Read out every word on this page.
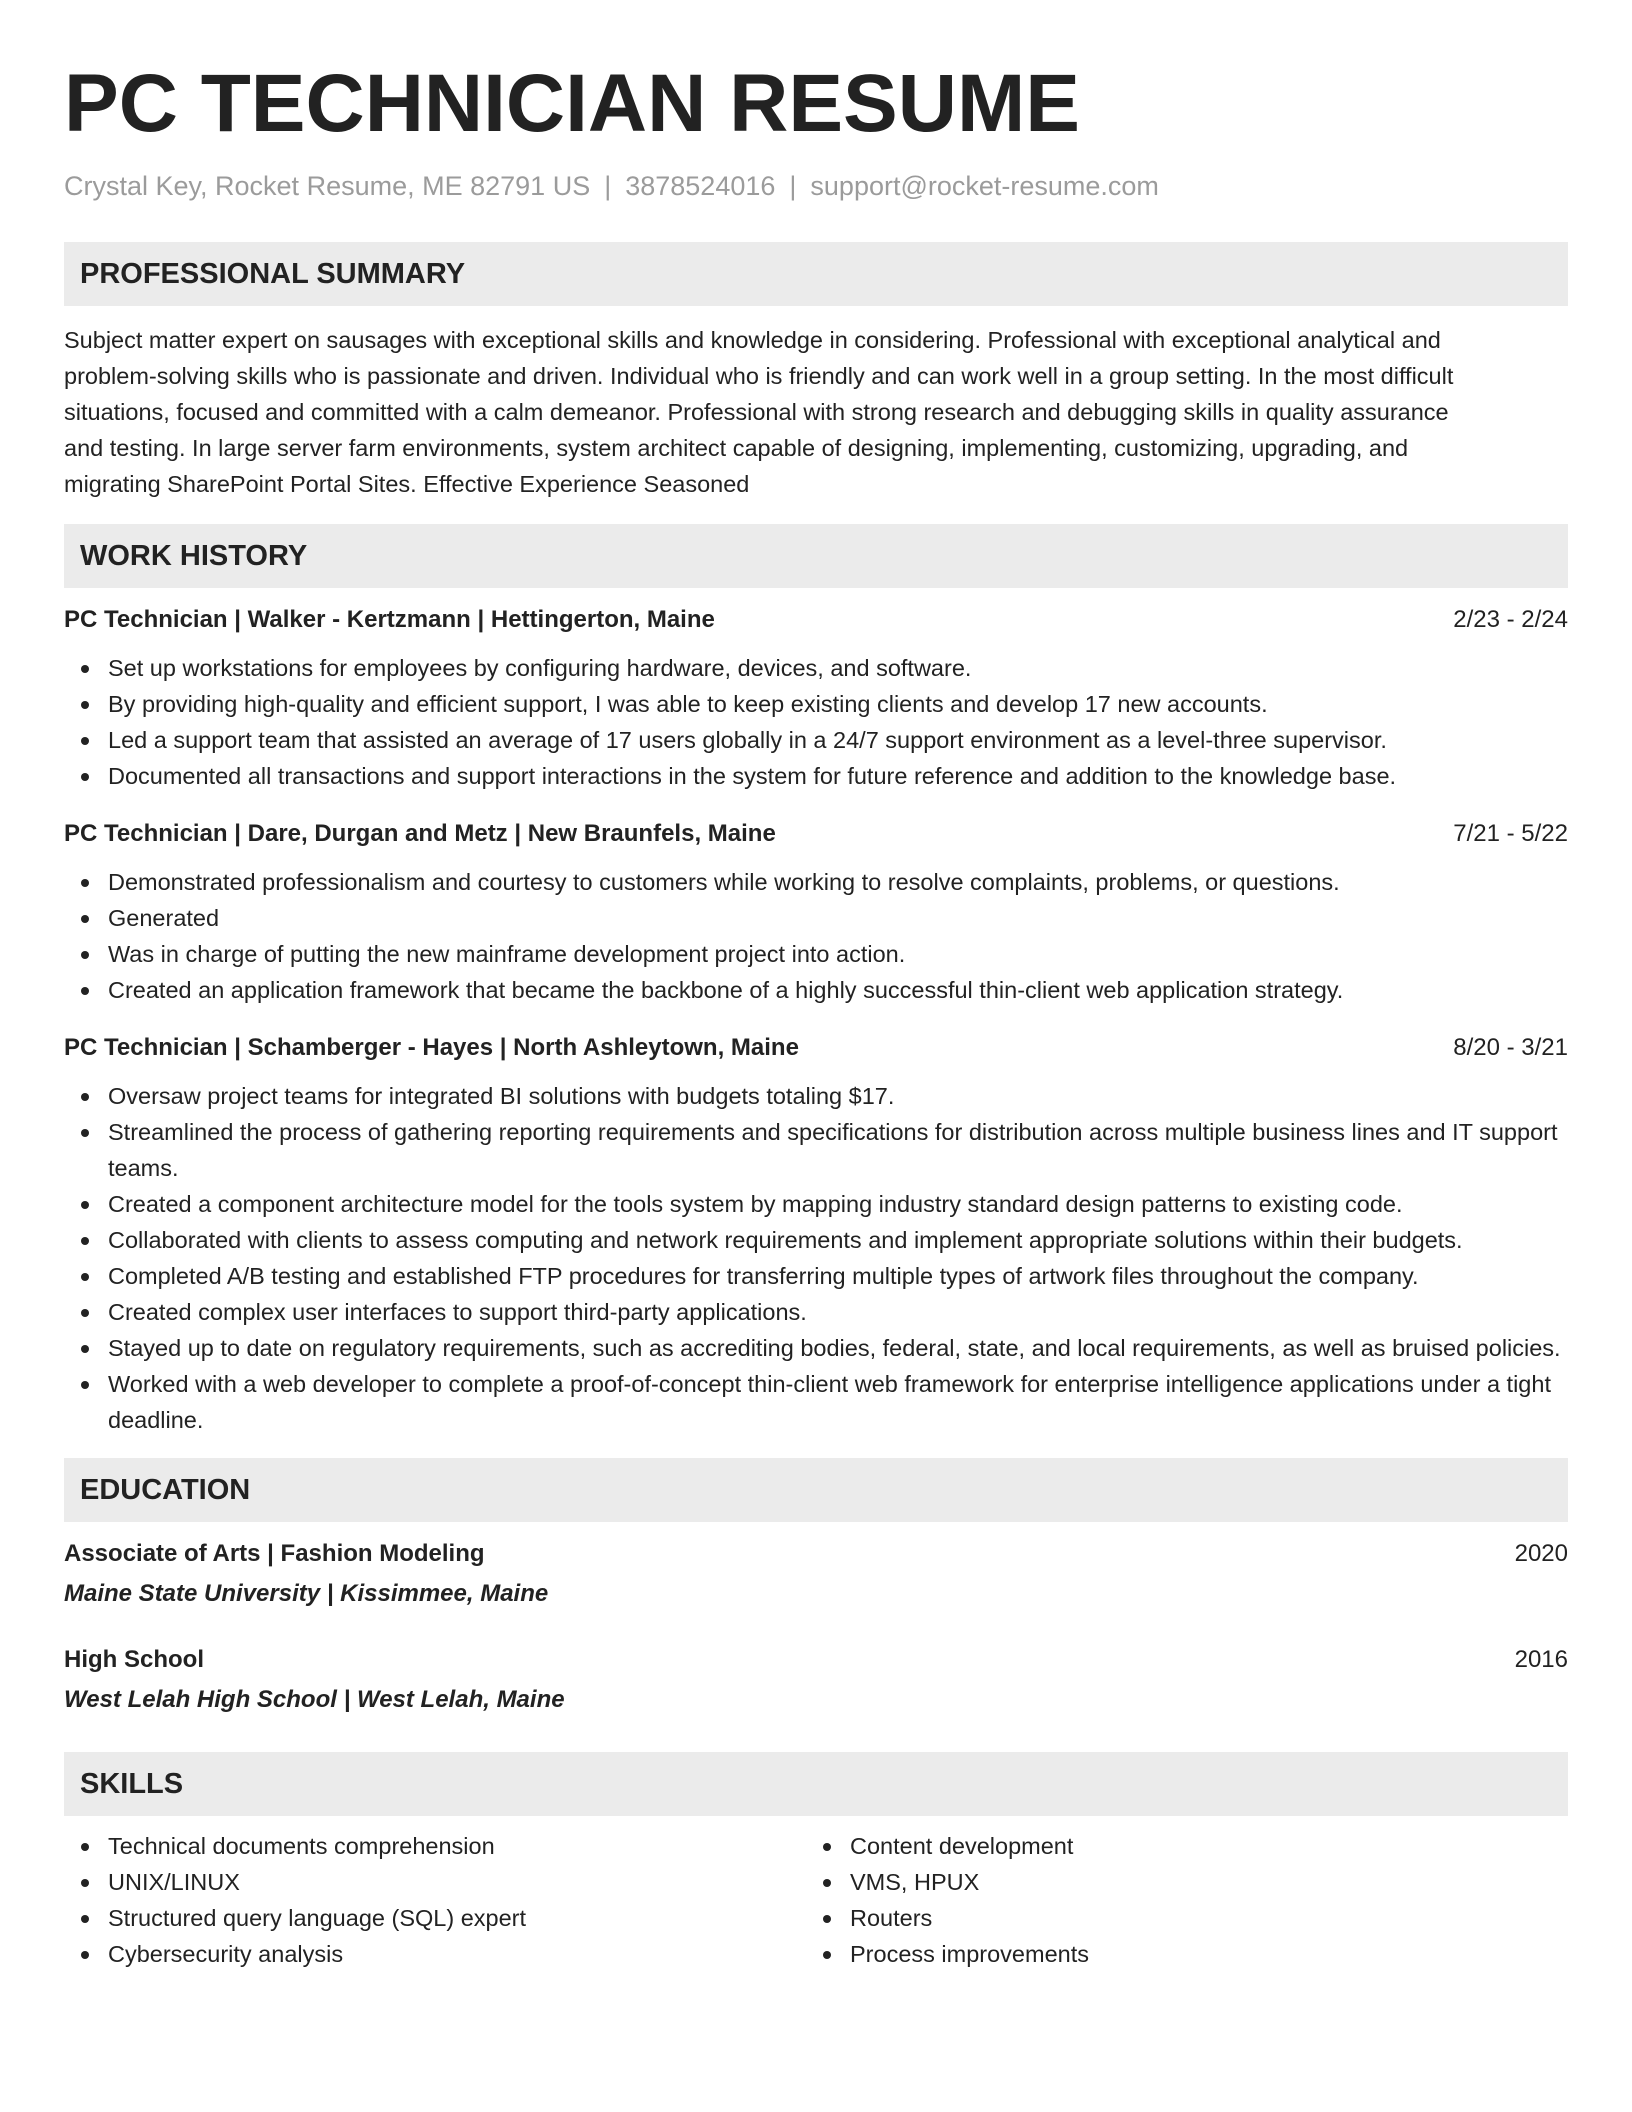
PC TECHNICIAN RESUME
Crystal Key, Rocket Resume, ME 82791 US | 3878524016 | support@rocket-resume.com
PROFESSIONAL SUMMARY
Subject matter expert on sausages with exceptional skills and knowledge in considering. Professional with exceptional analytical and
problem-solving skills who is passionate and driven. Individual who is friendly and can work well in a group setting. In the most difficult
situations, focused and committed with a calm demeanor. Professional with strong research and debugging skills in quality assurance
and testing. In large server farm environments, system architect capable of designing, implementing, customizing, upgrading, and
migrating SharePoint Portal Sites. Effective Experience Seasoned
WORK HISTORY
PC Technician | Walker - Kertzmann | Hettingerton, Maine	2/23 - 2/24
Set up workstations for employees by configuring hardware, devices, and software.
By providing high-quality and efficient support, I was able to keep existing clients and develop 17 new accounts.
Led a support team that assisted an average of 17 users globally in a 24/7 support environment as a level-three supervisor.
Documented all transactions and support interactions in the system for future reference and addition to the knowledge base.
PC Technician | Dare, Durgan and Metz | New Braunfels, Maine	7/21 - 5/22
Demonstrated professionalism and courtesy to customers while working to resolve complaints, problems, or questions.
Generated
Was in charge of putting the new mainframe development project into action.
Created an application framework that became the backbone of a highly successful thin-client web application strategy.
PC Technician | Schamberger - Hayes | North Ashleytown, Maine	8/20 - 3/21
Oversaw project teams for integrated BI solutions with budgets totaling $17.
Streamlined the process of gathering reporting requirements and specifications for distribution across multiple business lines and IT support teams.
Created a component architecture model for the tools system by mapping industry standard design patterns to existing code.
Collaborated with clients to assess computing and network requirements and implement appropriate solutions within their budgets.
Completed A/B testing and established FTP procedures for transferring multiple types of artwork files throughout the company.
Created complex user interfaces to support third-party applications.
Stayed up to date on regulatory requirements, such as accrediting bodies, federal, state, and local requirements, as well as bruised policies.
Worked with a web developer to complete a proof-of-concept thin-client web framework for enterprise intelligence applications under a tight deadline.
EDUCATION
Associate of Arts | Fashion Modeling	2020
Maine State University | Kissimmee, Maine
High School	2016
West Lelah High School | West Lelah, Maine
SKILLS
Technical documents comprehension
UNIX/LINUX
Structured query language (SQL) expert
Cybersecurity analysis
Content development
VMS, HPUX
Routers
Process improvements
